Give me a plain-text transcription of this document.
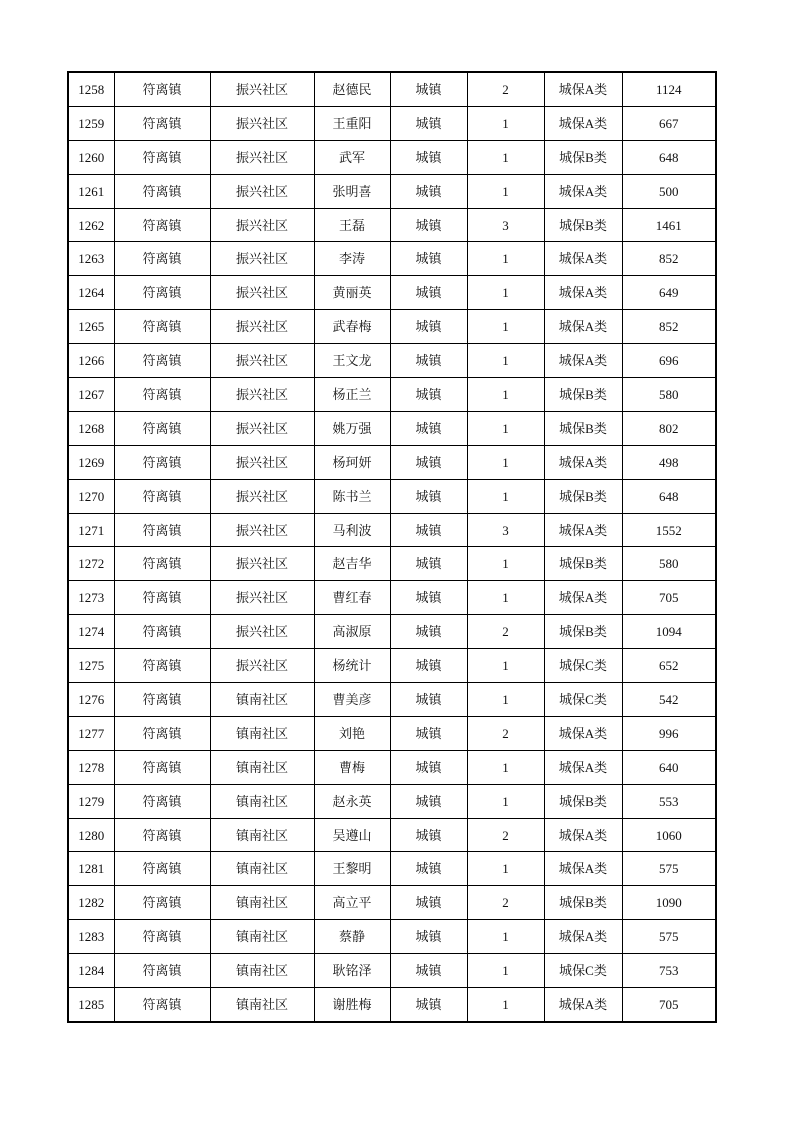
1258	符离镇	振兴社区	赵德民	城镇	2	城保A类	1124
1259	符离镇	振兴社区	王重阳	城镇	1	城保A类	667
1260	符离镇	振兴社区	武军	城镇	1	城保B类	648
1261	符离镇	振兴社区	张明喜	城镇	1	城保A类	500
1262	符离镇	振兴社区	王磊	城镇	3	城保B类	1461
1263	符离镇	振兴社区	李涛	城镇	1	城保A类	852
1264	符离镇	振兴社区	黄丽英	城镇	1	城保A类	649
1265	符离镇	振兴社区	武春梅	城镇	1	城保A类	852
1266	符离镇	振兴社区	王文龙	城镇	1	城保A类	696
1267	符离镇	振兴社区	杨正兰	城镇	1	城保B类	580
1268	符离镇	振兴社区	姚万强	城镇	1	城保B类	802
1269	符离镇	振兴社区	杨珂妍	城镇	1	城保A类	498
1270	符离镇	振兴社区	陈书兰	城镇	1	城保B类	648
1271	符离镇	振兴社区	马利波	城镇	3	城保A类	1552
1272	符离镇	振兴社区	赵吉华	城镇	1	城保B类	580
1273	符离镇	振兴社区	曹红春	城镇	1	城保A类	705
1274	符离镇	振兴社区	高淑原	城镇	2	城保B类	1094
1275	符离镇	振兴社区	杨统计	城镇	1	城保C类	652
1276	符离镇	镇南社区	曹美彦	城镇	1	城保C类	542
1277	符离镇	镇南社区	刘艳	城镇	2	城保A类	996
1278	符离镇	镇南社区	曹梅	城镇	1	城保A类	640
1279	符离镇	镇南社区	赵永英	城镇	1	城保B类	553
1280	符离镇	镇南社区	吴遵山	城镇	2	城保A类	1060
1281	符离镇	镇南社区	王黎明	城镇	1	城保A类	575
1282	符离镇	镇南社区	高立平	城镇	2	城保B类	1090
1283	符离镇	镇南社区	蔡静	城镇	1	城保A类	575
1284	符离镇	镇南社区	耿铭泽	城镇	1	城保C类	753
1285	符离镇	镇南社区	谢胜梅	城镇	1	城保A类	705
